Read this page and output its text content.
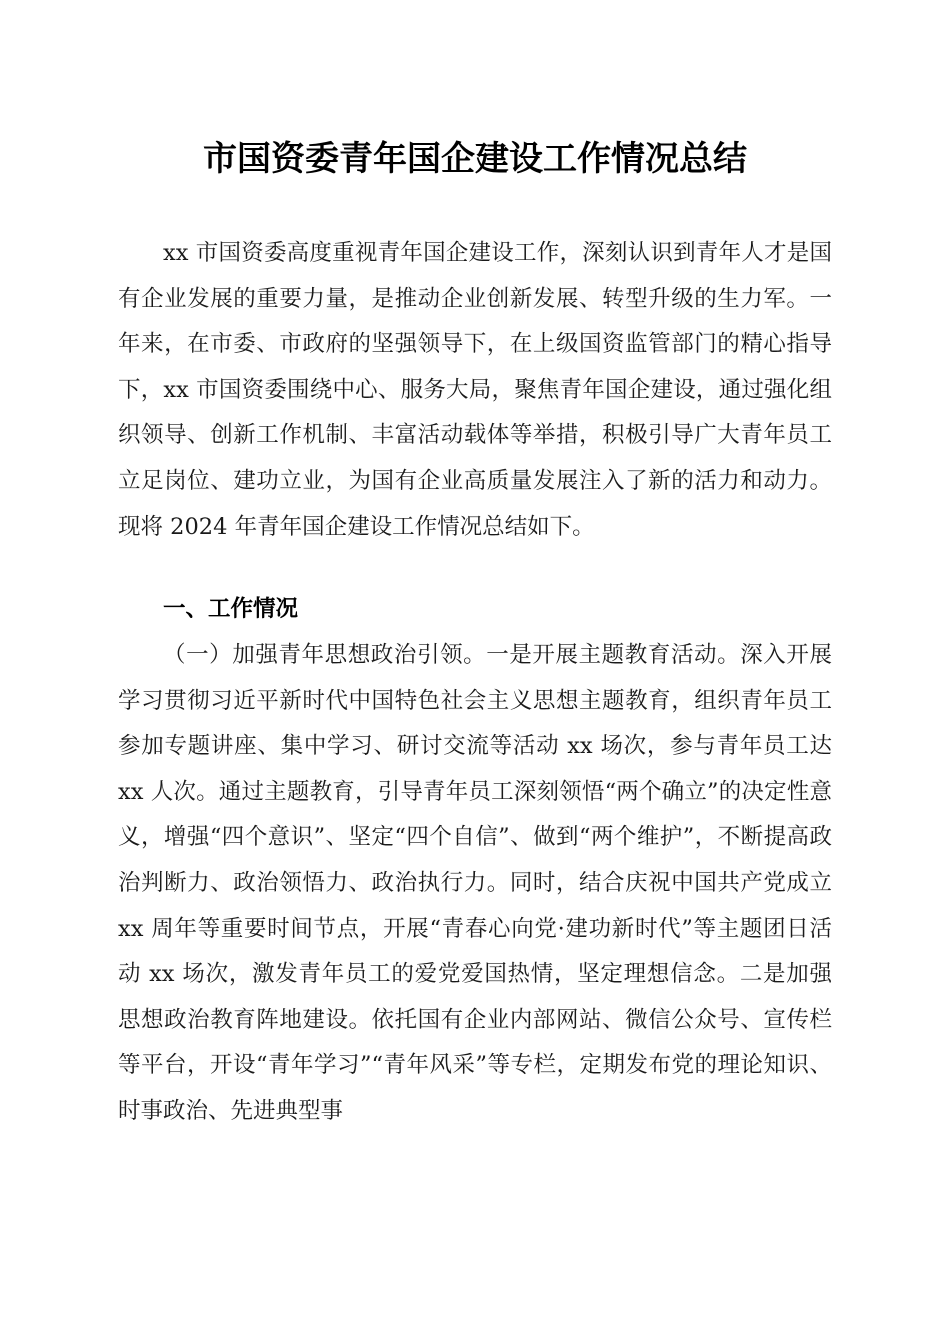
市国资委青年国企建设工作情况总结

xx 市国资委高度重视青年国企建设工作，深刻认识到青年人才是国有企业发展的重要力量，是推动企业创新发展、转型升级的生力军。一年来，在市委、市政府的坚强领导下，在上级国资监管部门的精心指导下，xx 市国资委围绕中心、服务大局，聚焦青年国企建设，通过强化组织领导、创新工作机制、丰富活动载体等举措，积极引导广大青年员工立足岗位、建功立业，为国有企业高质量发展注入了新的活力和动力。现将 2024 年青年国企建设工作情况总结如下。

一、工作情况

（一）加强青年思想政治引领。一是开展主题教育活动。深入开展学习贯彻习近平新时代中国特色社会主义思想主题教育，组织青年员工参加专题讲座、集中学习、研讨交流等活动 xx 场次，参与青年员工达 xx 人次。通过主题教育，引导青年员工深刻领悟“两个确立”的决定性意义，增强“四个意识”、坚定“四个自信”、做到“两个维护”，不断提高政治判断力、政治领悟力、政治执行力。同时，结合庆祝中国共产党成立 xx 周年等重要时间节点，开展“青春心向党·建功新时代”等主题团日活动 xx 场次，激发青年员工的爱党爱国热情，坚定理想信念。二是加强思想政治教育阵地建设。依托国有企业内部网站、微信公众号、宣传栏等平台，开设“青年学习”“青年风采”等专栏，定期发布党的理论知识、时事政治、先进典型事
